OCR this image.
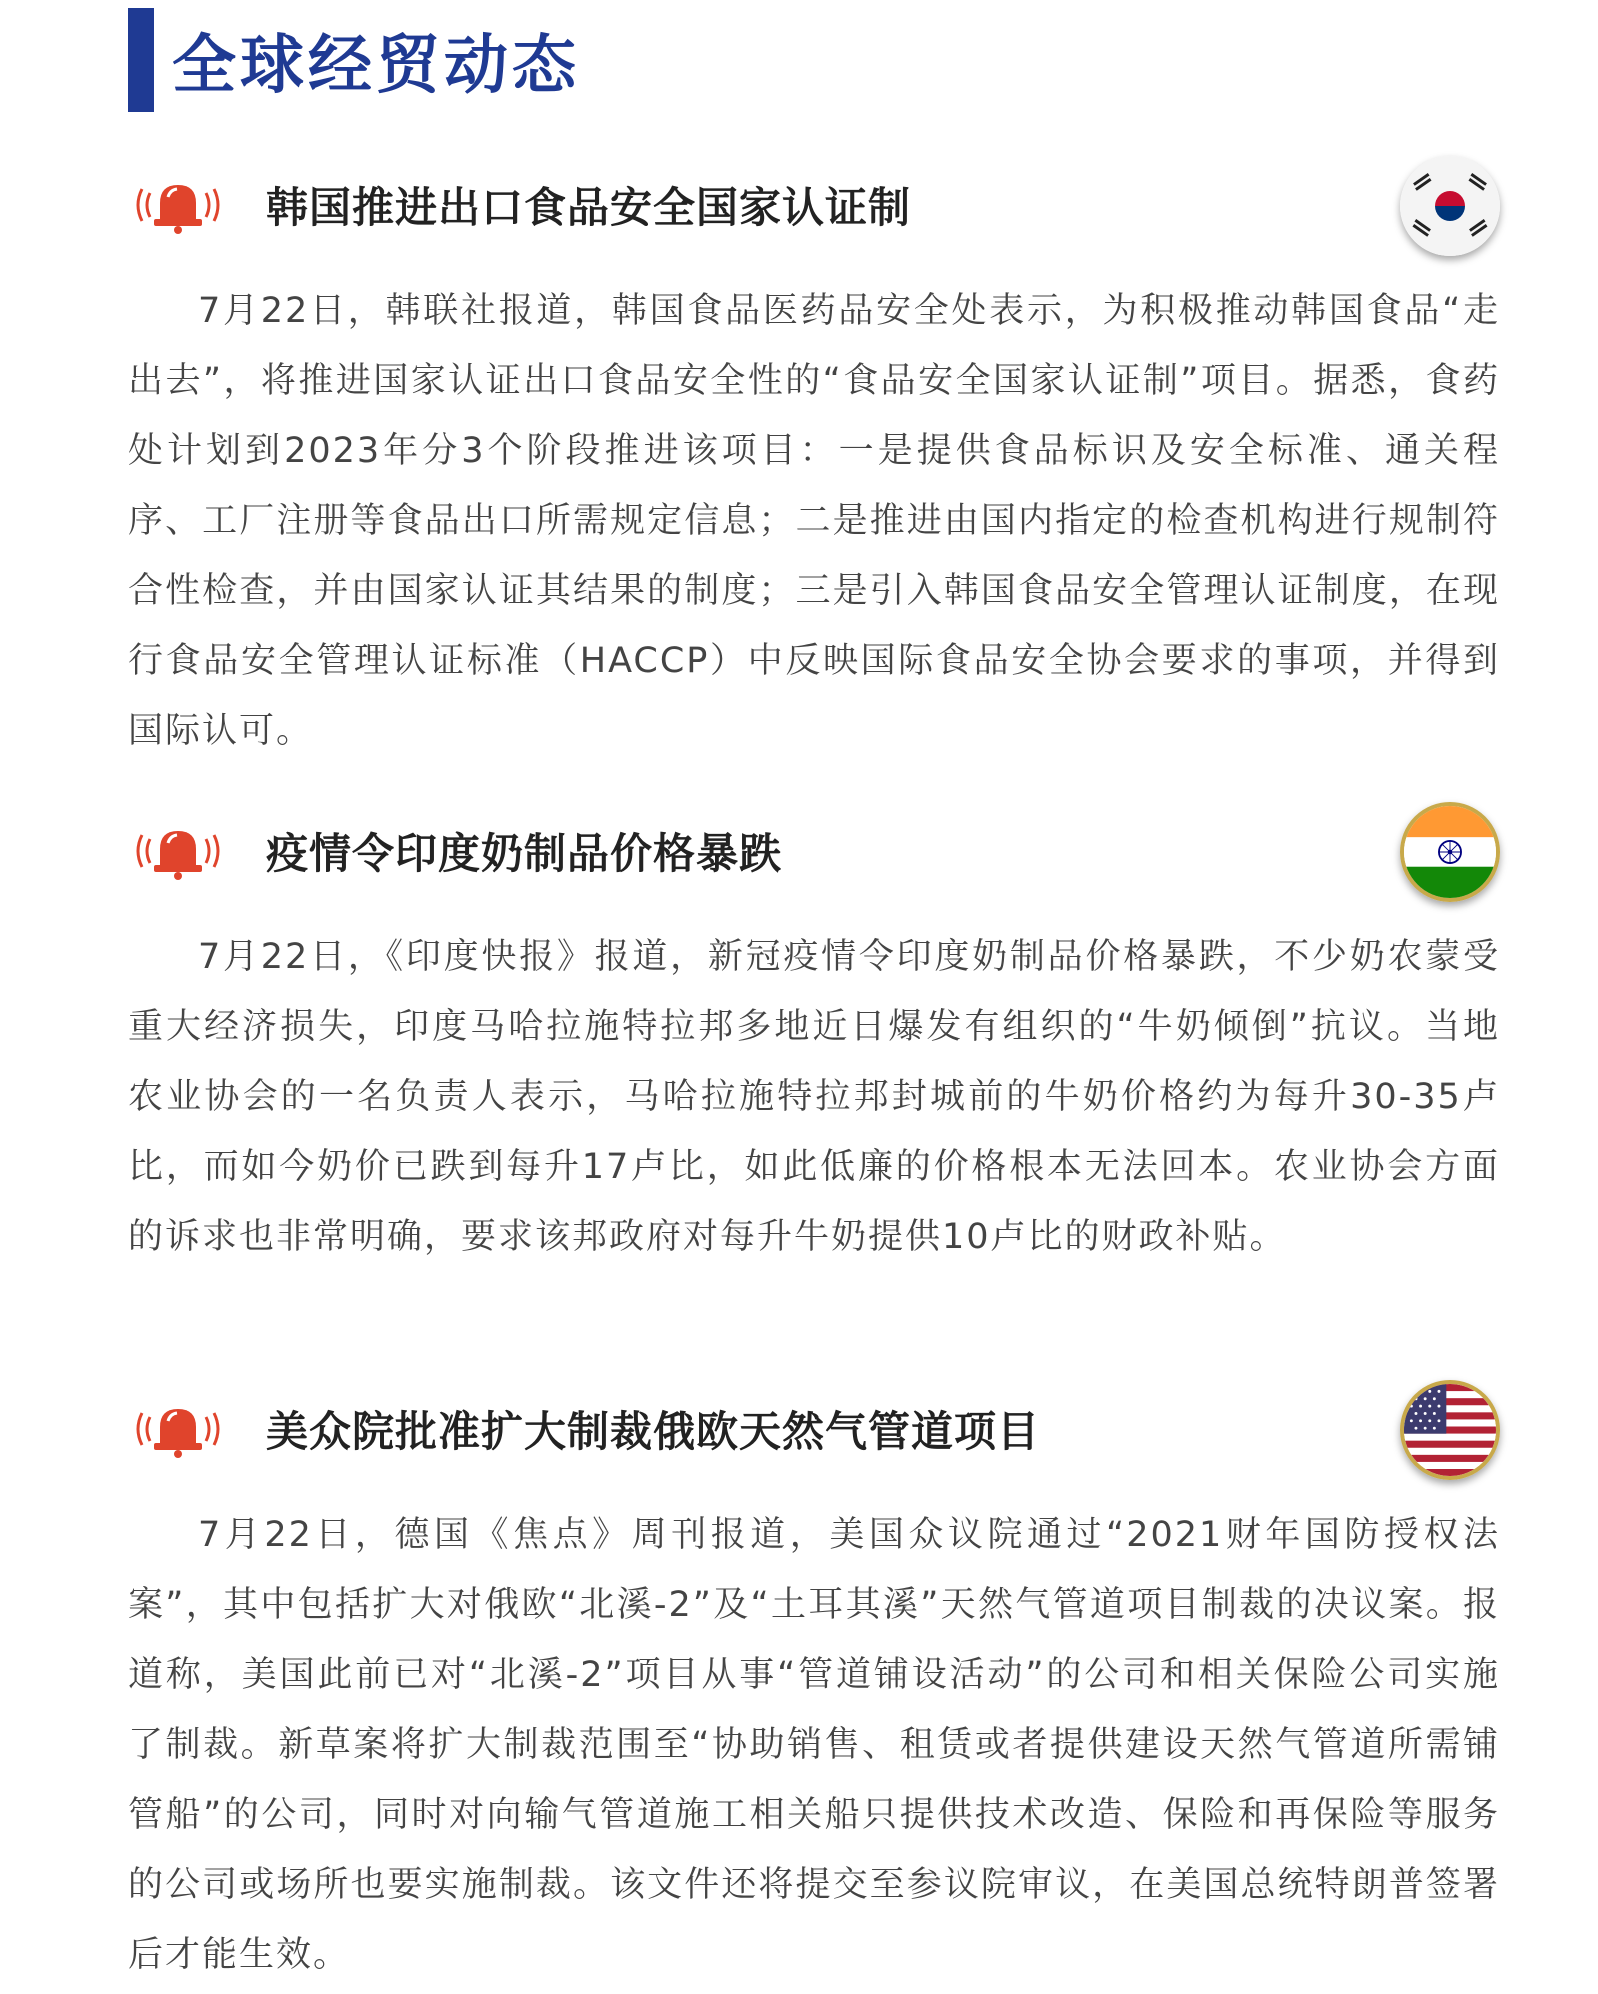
全球经贸动态
韩国推进出口食品安全国家认证制

7月22日，韩联社报道，韩国食品医药品安全处表示，为积极推动韩国食品“走出去”，将推进国家认证出口食品安全性的“食品安全国家认证制”项目。据悉，食药处计划到2023年分3个阶段推进该项目：一是提供食品标识及安全标准、通关程序、工厂注册等食品出口所需规定信息；二是推进由国内指定的检查机构进行规制符合性检查，并由国家认证其结果的制度；三是引入韩国食品安全管理认证制度，在现行食品安全管理认证标准（HACCP）中反映国际食品安全协会要求的事项，并得到国际认可。

疫情令印度奶制品价格暴跌

7月22日，《印度快报》报道，新冠疫情令印度奶制品价格暴跌，不少奶农蒙受重大经济损失，印度马哈拉施特拉邦多地近日爆发有组织的“牛奶倾倒”抗议。当地农业协会的一名负责人表示，马哈拉施特拉邦封城前的牛奶价格约为每升30-35卢比，而如今奶价已跌到每升17卢比，如此低廉的价格根本无法回本。农业协会方面的诉求也非常明确，要求该邦政府对每升牛奶提供10卢比的财政补贴。

美众院批准扩大制裁俄欧天然气管道项目

7月22日，德国《焦点》周刊报道，美国众议院通过“2021财年国防授权法案”，其中包括扩大对俄欧“北溪-2”及“土耳其溪”天然气管道项目制裁的决议案。报道称，美国此前已对“北溪-2”项目从事“管道铺设活动”的公司和相关保险公司实施了制裁。新草案将扩大制裁范围至“协助销售、租赁或者提供建设天然气管道所需铺管船”的公司，同时对向输气管道施工相关船只提供技术改造、保险和再保险等服务的公司或场所也要实施制裁。该文件还将提交至参议院审议，在美国总统特朗普签署后才能生效。
